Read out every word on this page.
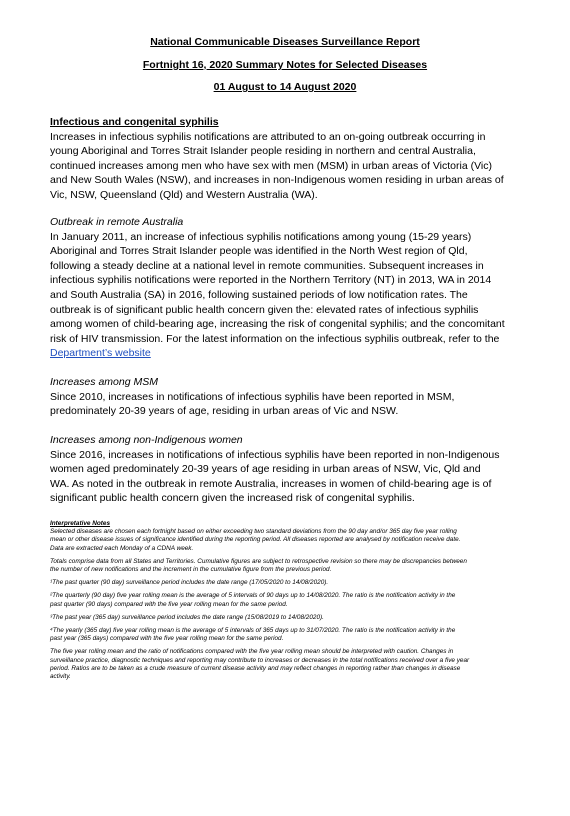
National Communicable Diseases Surveillance Report
Fortnight 16, 2020 Summary Notes for Selected Diseases
01 August to 14 August 2020
Infectious and congenital syphilis
Increases in infectious syphilis notifications are attributed to an on-going outbreak occurring in
young Aboriginal and Torres Strait Islander people residing in northern and central Australia,
continued increases among men who have sex with men (MSM) in urban areas of Victoria (Vic)
and New South Wales (NSW), and increases in non-Indigenous women residing in urban areas of
Vic, NSW, Queensland (Qld) and Western Australia (WA).
Outbreak in remote Australia
In January 2011, an increase of infectious syphilis notifications among young (15-29 years)
Aboriginal and Torres Strait Islander people was identified in the North West region of Qld,
following a steady decline at a national level in remote communities. Subsequent increases in
infectious syphilis notifications were reported in the Northern Territory (NT) in 2013, WA in 2014
and South Australia (SA) in 2016, following sustained periods of low notification rates. The
outbreak is of significant public health concern given the: elevated rates of infectious syphilis
among women of child-bearing age, increasing the risk of congenital syphilis; and the concomitant
risk of HIV transmission. For the latest information on the infectious syphilis outbreak, refer to the
Department’s website
Increases among MSM
Since 2010, increases in notifications of infectious syphilis have been reported in MSM,
predominately 20-39 years of age, residing in urban areas of Vic and NSW.
Increases among non-Indigenous women
Since 2016, increases in notifications of infectious syphilis have been reported in non-Indigenous
women aged predominately 20-39 years of age residing in urban areas of NSW, Vic, Qld and
WA. As noted in the outbreak in remote Australia, increases in women of child-bearing age is of
significant public health concern given the increased risk of congenital syphilis.
Interpretative Notes

Selected diseases are chosen each fortnight based on either exceeding two standard deviations from the 90 day and/or 365 day five year rolling

mean or other disease issues of significance identified during the reporting period. All diseases reported are analysed by notification receive date.

Data are extracted each Monday of a CDNA week.

Totals comprise data from all States and Territories. Cumulative figures are subject to retrospective revision so there may be discrepancies between

the number of new notifications and the increment in the cumulative figure from the previous period.

¹The past quarter (90 day) surveillance period includes the date range (17/05/2020 to 14/08/2020).

²The quarterly (90 day) five year rolling mean is the average of 5 intervals of 90 days up to 14/08/2020. The ratio is the notification activity in the

past quarter (90 days) compared with the five year rolling mean for the same period.

³The past year (365 day) surveillance period includes the date range (15/08/2019 to 14/08/2020).

⁴The yearly (365 day) five year rolling mean is the average of 5 intervals of 365 days up to 31/07/2020. The ratio is the notification activity in the

past year (365 days) compared with the five year rolling mean for the same period.

The five year rolling mean and the ratio of notifications compared with the five year rolling mean should be interpreted with caution. Changes in

surveillance practice, diagnostic techniques and reporting may contribute to increases or decreases in the total notifications received over a five year

period. Ratios are to be taken as a crude measure of current disease activity and may reflect changes in reporting rather than changes in disease

activity.
